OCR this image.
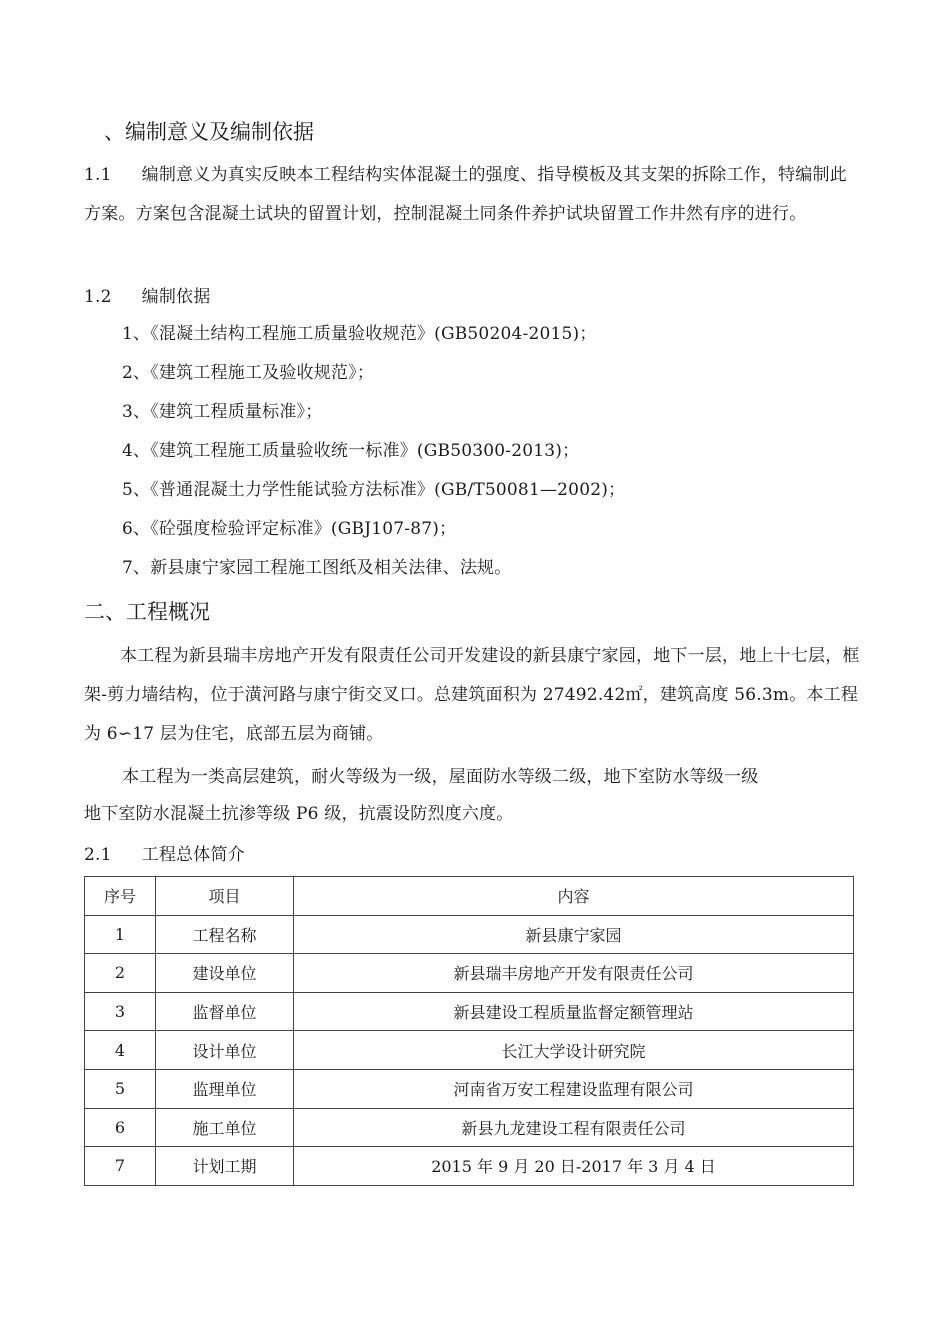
、编制意义及编制依据
1.1 编制意义为真实反映本工程结构实体混凝土的强度、指导模板及其支架的拆除工作，特编制此方案。方案包含混凝土试块的留置计划，控制混凝土同条件养护试块留置工作井然有序的进行。
1.2 编制依据
1、《混凝土结构工程施工质量验收规范》(GB50204-2015)；
2、《建筑工程施工及验收规范》；
3、《建筑工程质量标准》；
4、《建筑工程施工质量验收统一标准》(GB50300-2013)；
5、《普通混凝土力学性能试验方法标准》(GB/T50081—2002)；
6、《砼强度检验评定标准》(GBJ107-87)；
7、新县康宁家园工程施工图纸及相关法律、法规。
二、工程概况
本工程为新县瑞丰房地产开发有限责任公司开发建设的新县康宁家园，地下一层，地上十七层，框架-剪力墙结构，位于潢河路与康宁街交叉口。总建筑面积为 27492.42㎡，建筑高度 56.3m。本工程为 6∽17 层为住宅，底部五层为商铺。
本工程为一类高层建筑，耐火等级为一级，屋面防水等级二级，地下室防水等级一级
地下室防水混凝土抗渗等级 P6 级，抗震设防烈度六度。
2.1 工程总体简介
序号	项目	内容
1	工程名称	新县康宁家园
2	建设单位	新县瑞丰房地产开发有限责任公司
3	监督单位	新县建设工程质量监督定额管理站
4	设计单位	长江大学设计研究院
5	监理单位	河南省万安工程建设监理有限公司
6	施工单位	新县九龙建设工程有限责任公司
7	计划工期	2015 年 9 月 20 日-2017 年 3 月 4 日
